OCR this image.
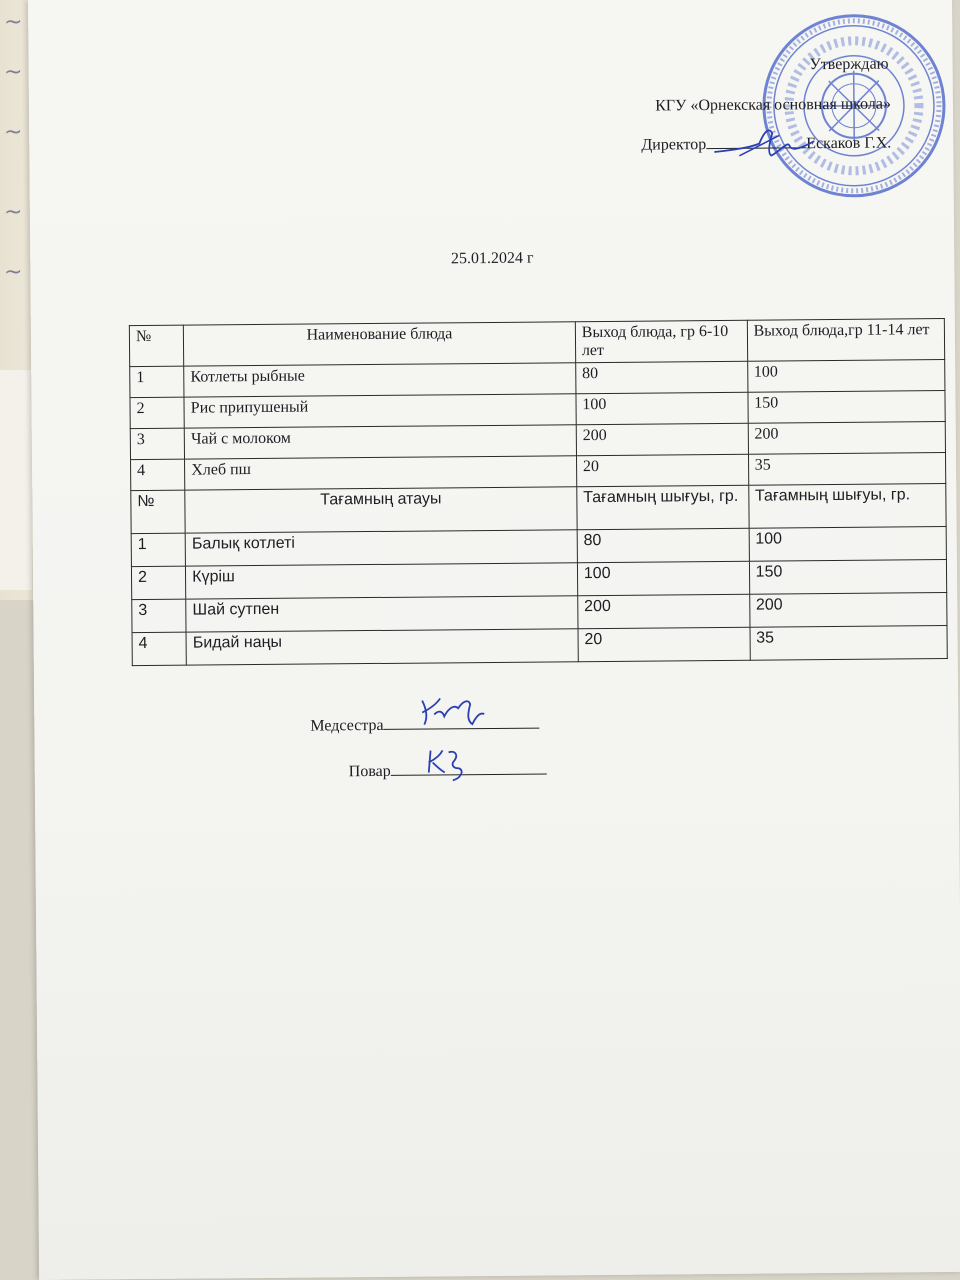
~
~
~
~
~
Утверждаю
КГУ «Орнекская основная школа»
Директор	Ескаков Г.Х.
25.01.2024 г
№	Наименование блюда	Выход блюда, гр 6-10 лет	Выход блюда,гр 11-14 лет
1	Котлеты рыбные	80	100
2	Рис припушеный	100	150
3	Чай с молоком	200	200
4	Хлеб пш	20	35
№	Тағамның атауы	Тағамның шығуы, гр.	Тағамның шығуы, гр.
1	Балық котлеті	80	100
2	Күріш	100	150
3	Шай сутпен	200	200
4	Бидай наңы	20	35
Медсестра
Повар
